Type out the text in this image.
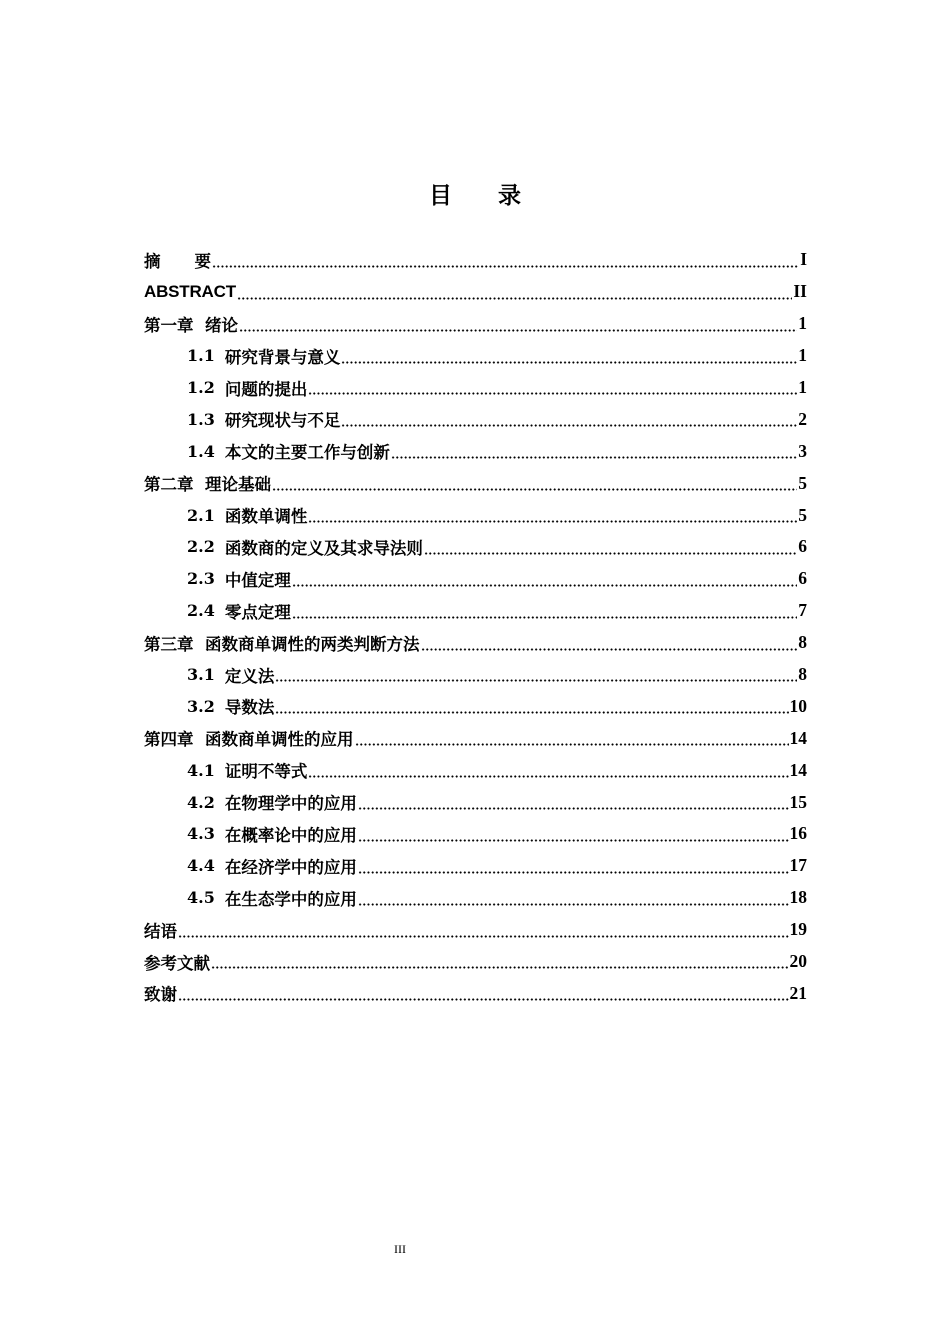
目 录
摘 要	I
ABSTRACT	II
第一章  绪论	1
1.1 研究背景与意义	1
1.2 问题的提出	1
1.3 研究现状与不足	2
1.4 本文的主要工作与创新	3
第二章  理论基础	5
2.1 函数单调性	5
2.2 函数商的定义及其求导法则	6
2.3 中值定理	6
2.4 零点定理	7
第三章  函数商单调性的两类判断方法	8
3.1 定义法	8
3.2 导数法	10
第四章  函数商单调性的应用	14
4.1 证明不等式	14
4.2 在物理学中的应用	15
4.3 在概率论中的应用	16
4.4 在经济学中的应用	17
4.5 在生态学中的应用	18
结语	19
参考文献	20
致谢	21
III
